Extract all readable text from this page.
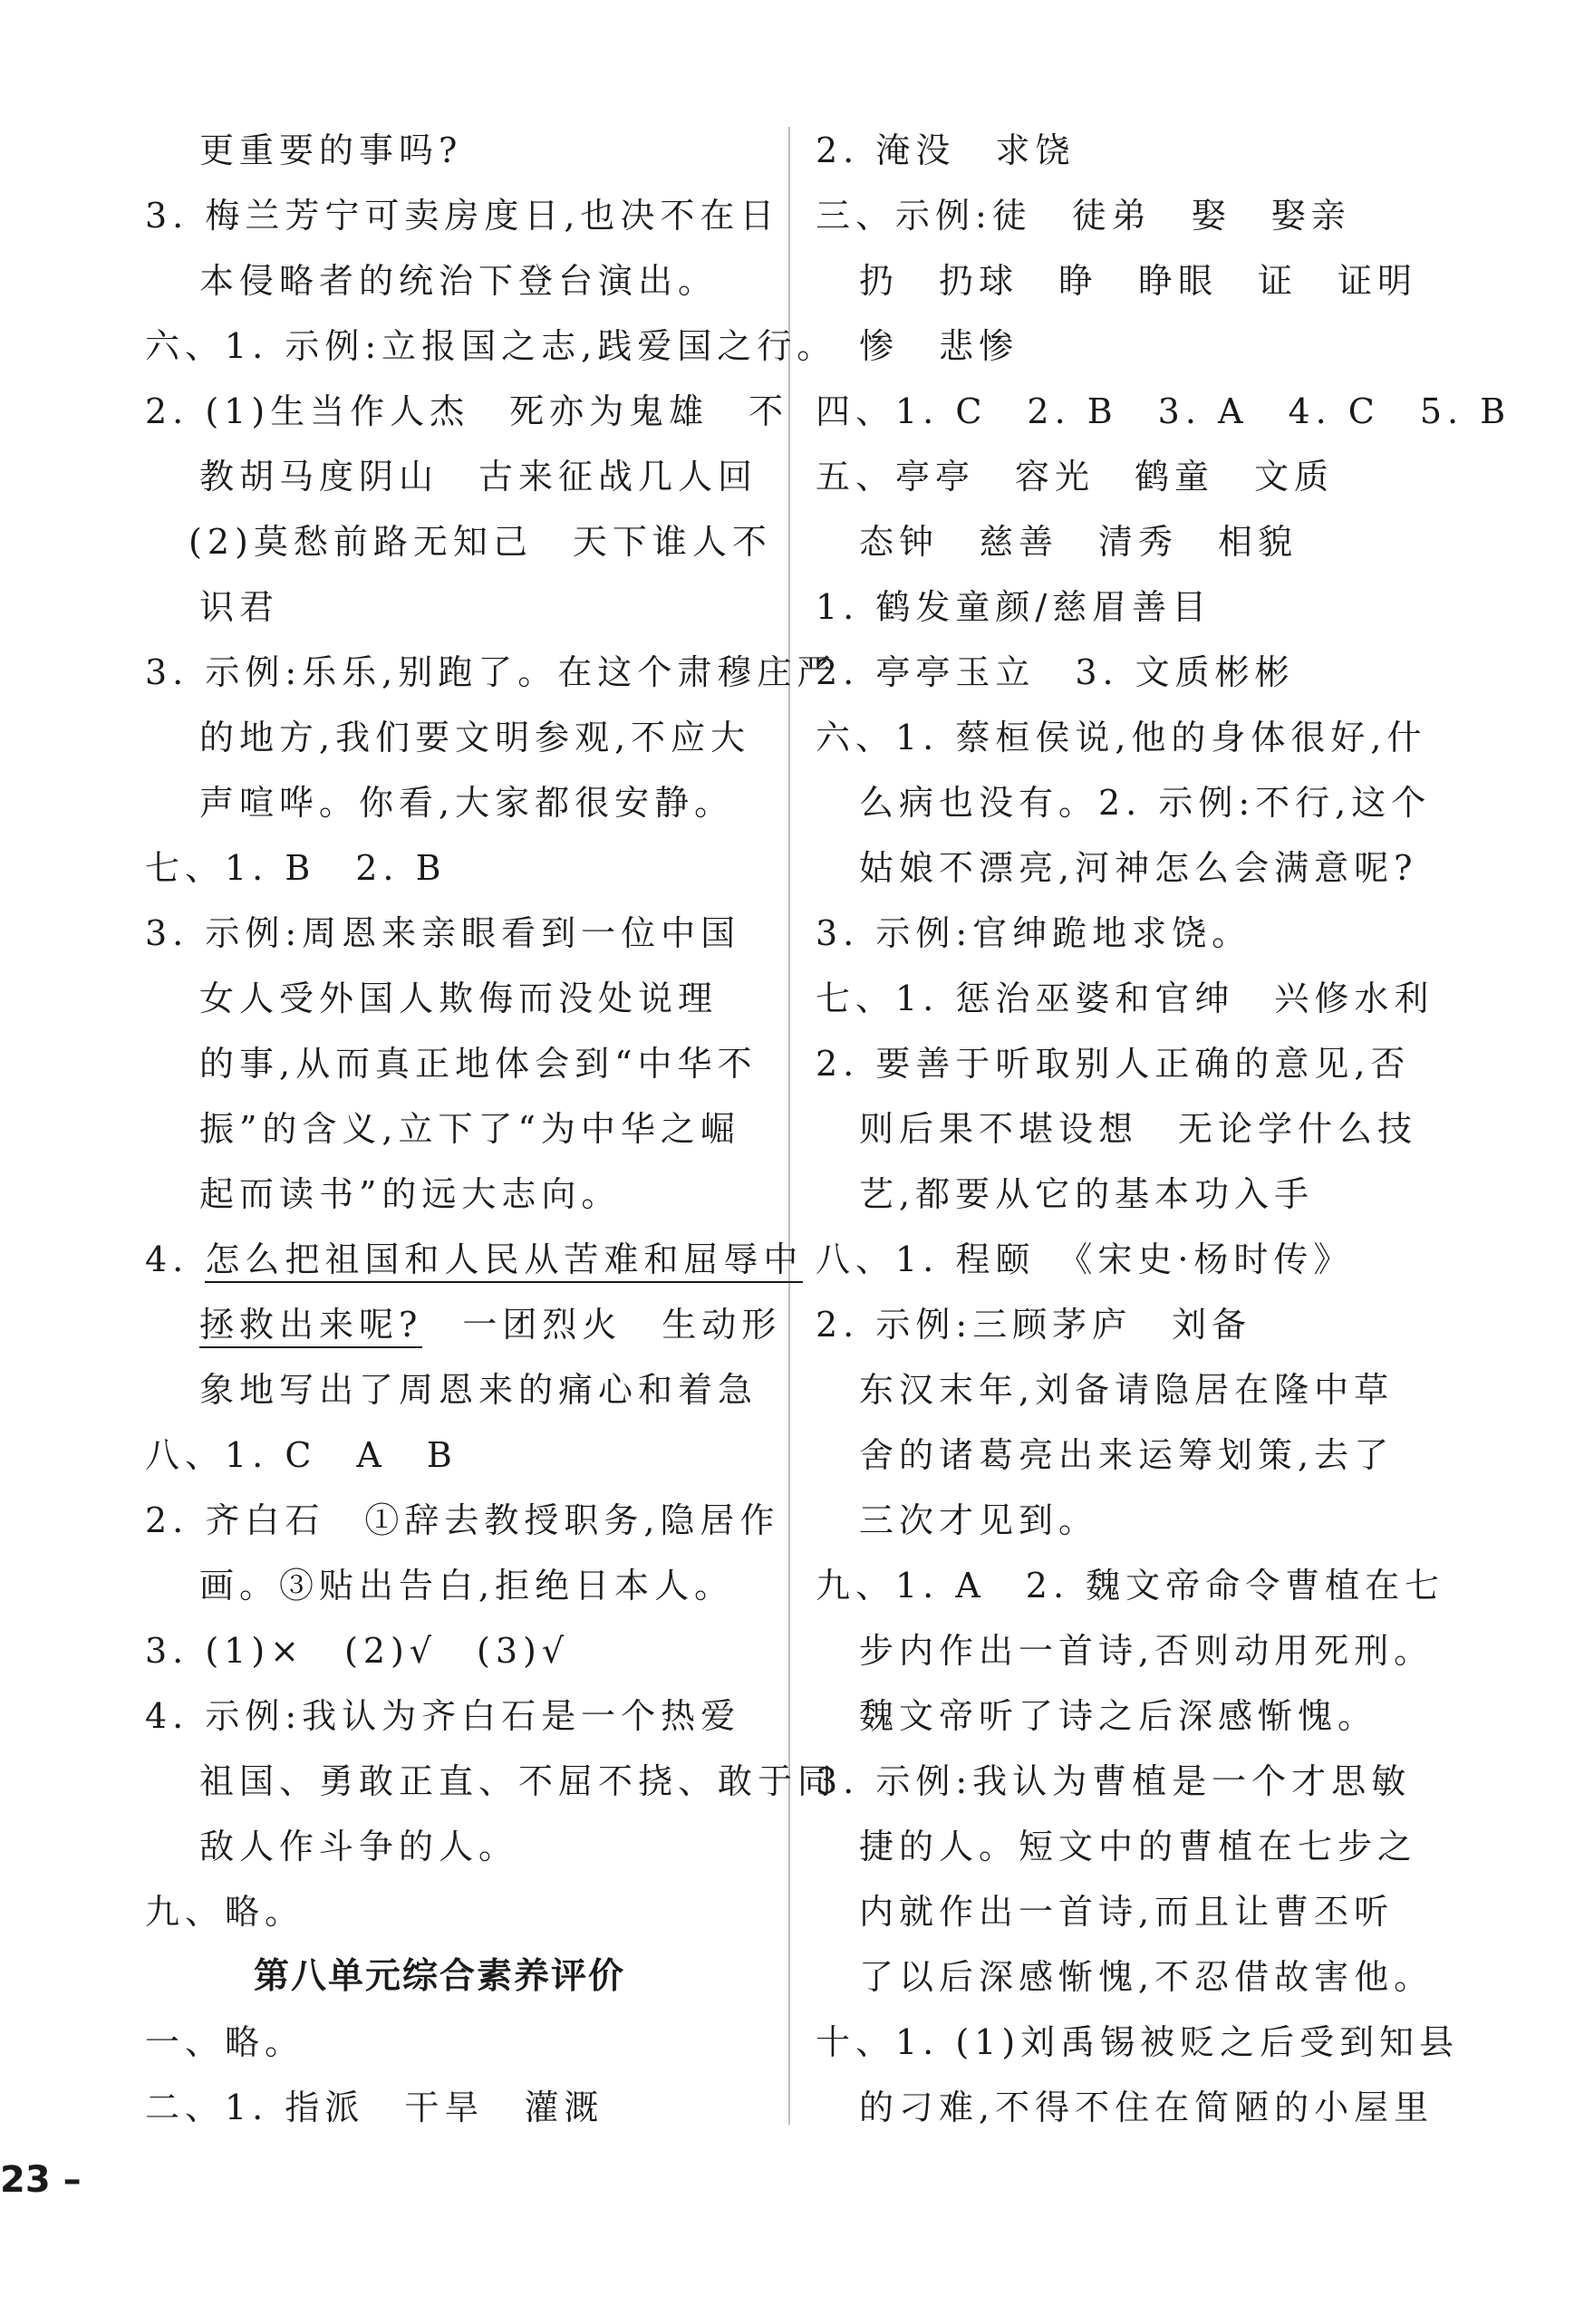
更重要的事吗?
3. 梅兰芳宁可卖房度日,也决不在日
本侵略者的统治下登台演出。
六、1. 示例:立报国之志,践爱国之行。
2. (1)生当作人杰　死亦为鬼雄　不
教胡马度阴山　古来征战几人回
(2)莫愁前路无知己　天下谁人不
识君
3. 示例:乐乐,别跑了。在这个肃穆庄严
的地方,我们要文明参观,不应大
声喧哗。你看,大家都很安静。
七、1. B　2. B
3. 示例:周恩来亲眼看到一位中国
女人受外国人欺侮而没处说理
的事,从而真正地体会到“中华不
振”的含义,立下了“为中华之崛
起而读书”的远大志向。
4. 怎么把祖国和人民从苦难和屈辱中
拯救出来呢?　一团烈火　生动形
象地写出了周恩来的痛心和着急
八、1. C　A　B
2. 齐白石　①辞去教授职务,隐居作
画。③贴出告白,拒绝日本人。
3. (1)×　(2)√　(3)√
4. 示例:我认为齐白石是一个热爱
祖国、勇敢正直、不屈不挠、敢于同
敌人作斗争的人。
九、略。
第八单元综合素养评价
一、略。
二、1. 指派　干旱　灌溉
2. 淹没　求饶
三、示例:徒　徒弟　娶　娶亲
扔　扔球　睁　睁眼　证　证明
惨　悲惨
四、1. C　2. B　3. A　4. C　5. B
五、亭亭　容光　鹤童　文质
态钟　慈善　清秀　相貌
1. 鹤发童颜/慈眉善目
2. 亭亭玉立　3. 文质彬彬
六、1. 蔡桓侯说,他的身体很好,什
么病也没有。2. 示例:不行,这个
姑娘不漂亮,河神怎么会满意呢?
3. 示例:官绅跪地求饶。
七、1. 惩治巫婆和官绅　兴修水利
2. 要善于听取别人正确的意见,否
则后果不堪设想　无论学什么技
艺,都要从它的基本功入手
八、1. 程颐　《宋史·杨时传》
2. 示例:三顾茅庐　刘备
东汉末年,刘备请隐居在隆中草
舍的诸葛亮出来运筹划策,去了
三次才见到。
九、1. A　2. 魏文帝命令曹植在七
步内作出一首诗,否则动用死刑。
魏文帝听了诗之后深感惭愧。
3. 示例:我认为曹植是一个才思敏
捷的人。短文中的曹植在七步之
内就作出一首诗,而且让曹丕听
了以后深感惭愧,不忍借故害他。
十、1. (1)刘禹锡被贬之后受到知县
的刁难,不得不住在简陋的小屋里
23 –
